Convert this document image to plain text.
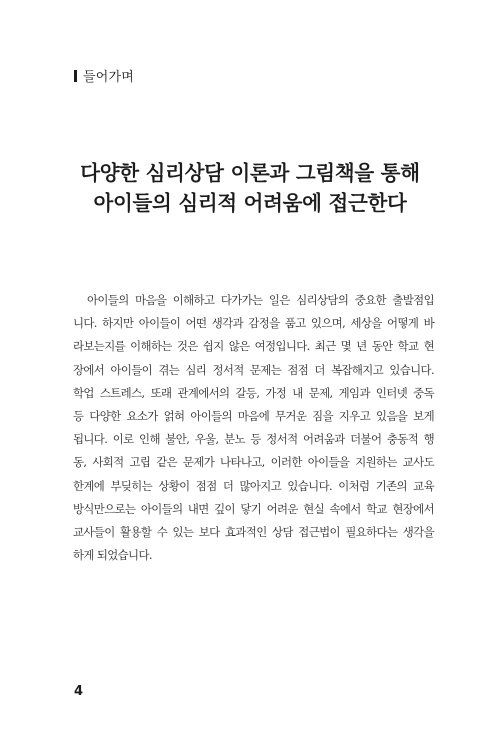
들어가며
다양한 심리상담 이론과 그림책을 통해
아이들의 심리적 어려움에 접근한다
아이들의 마음을 이해하고 다가가는 일은 심리상담의 중요한 출발점입
니다. 하지만 아이들이 어떤 생각과 감정을 품고 있으며, 세상을 어떻게 바
라보는지를 이해하는 것은 쉽지 않은 여정입니다. 최근 몇 년 동안 학교 현
장에서 아이들이 겪는 심리 정서적 문제는 점점 더 복잡해지고 있습니다.
학업 스트레스, 또래 관계에서의 갈등, 가정 내 문제, 게임과 인터넷 중독
등 다양한 요소가 얽혀 아이들의 마음에 무거운 짐을 지우고 있음을 보게
됩니다. 이로 인해 불안, 우울, 분노 등 정서적 어려움과 더불어 충동적 행
동, 사회적 고립 같은 문제가 나타나고, 이러한 아이들을 지원하는 교사도
한계에 부딪히는 상황이 점점 더 많아지고 있습니다. 이처럼 기존의 교육
방식만으로는 아이들의 내면 깊이 닿기 어려운 현실 속에서 학교 현장에서
교사들이 활용할 수 있는 보다 효과적인 상담 접근법이 필요하다는 생각을
하게 되었습니다.
4
